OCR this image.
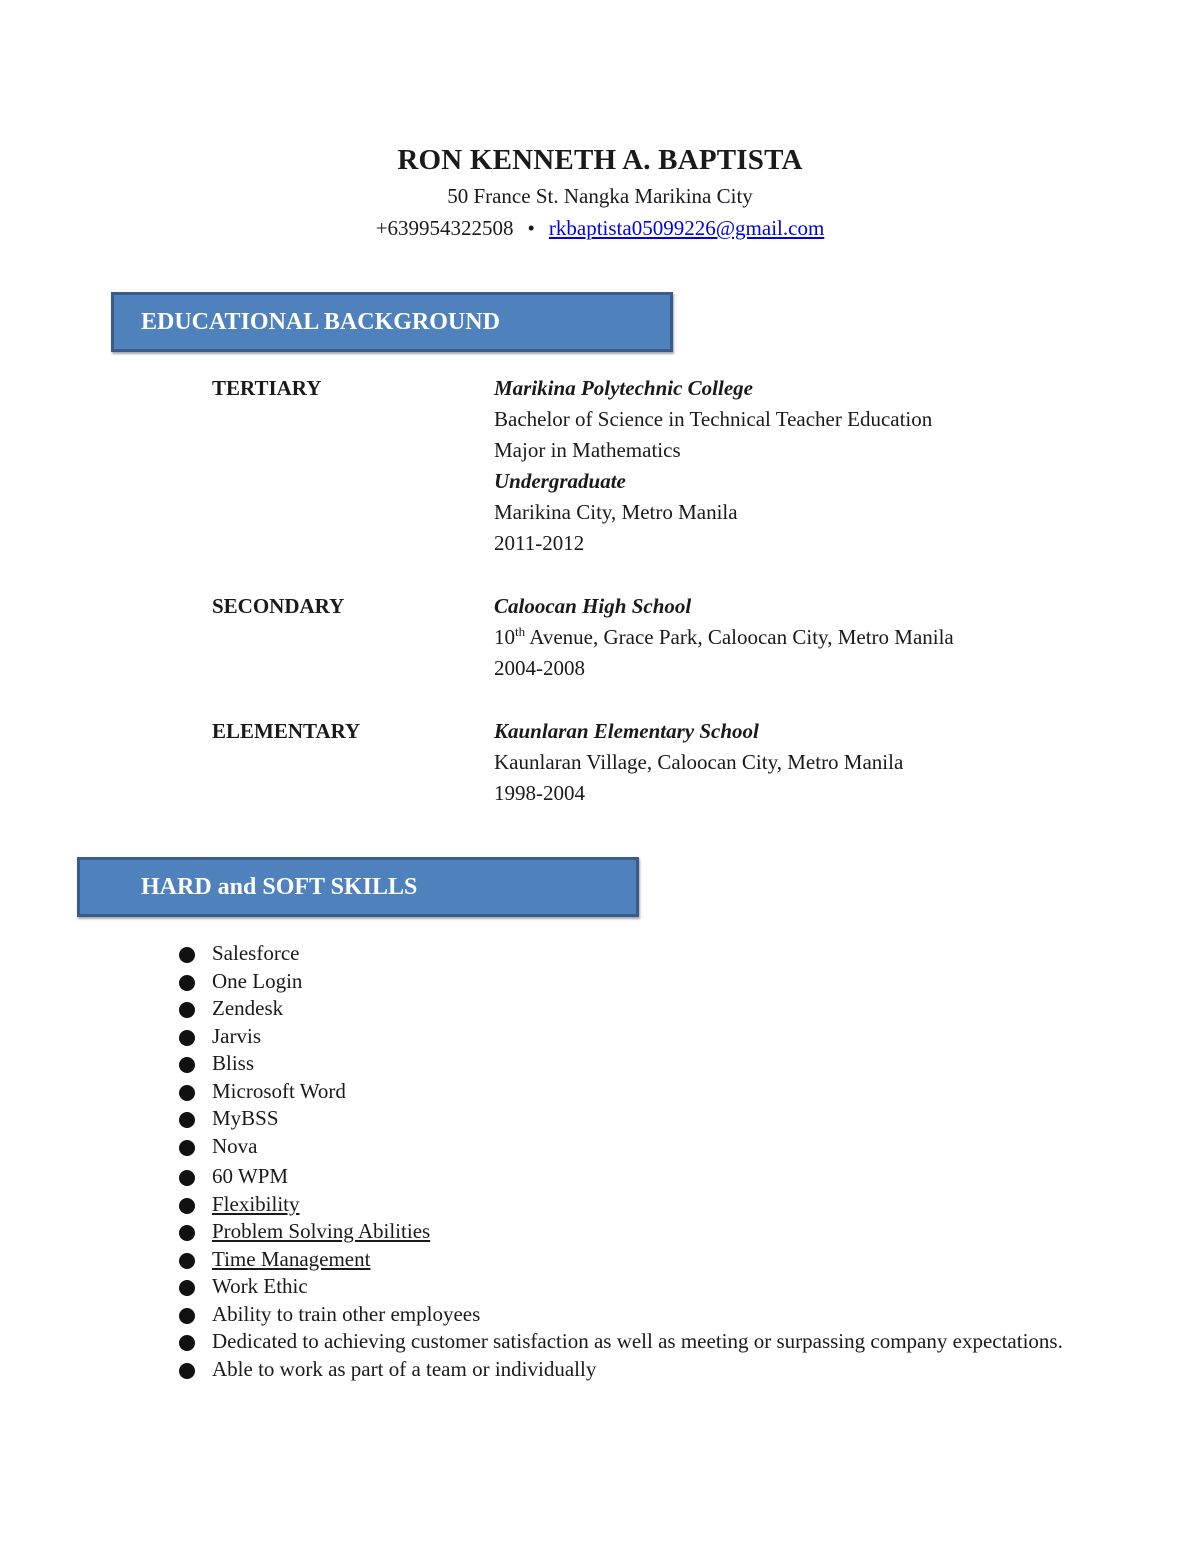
RON KENNETH A. BAPTISTA
50 France St. Nangka Marikina City
+639954322508 • rkbaptista05099226@gmail.com
EDUCATIONAL BACKGROUND
TERTIARY	Marikina Polytechnic College
Bachelor of Science in Technical Teacher Education
Major in Mathematics
Undergraduate
Marikina City, Metro Manila
2011-2012
SECONDARY	Caloocan High School
10th Avenue, Grace Park, Caloocan City, Metro Manila
2004-2008
ELEMENTARY	Kaunlaran Elementary School
Kaunlaran Village, Caloocan City, Metro Manila
1998-2004
HARD and SOFT SKILLS
Salesforce
One Login
Zendesk
Jarvis
Bliss
Microsoft Word
MyBSS
Nova
60 WPM
Flexibility
Problem Solving Abilities
Time Management
Work Ethic
Ability to train other employees
Dedicated to achieving customer satisfaction as well as meeting or surpassing company expectations.
Able to work as part of a team or individually
